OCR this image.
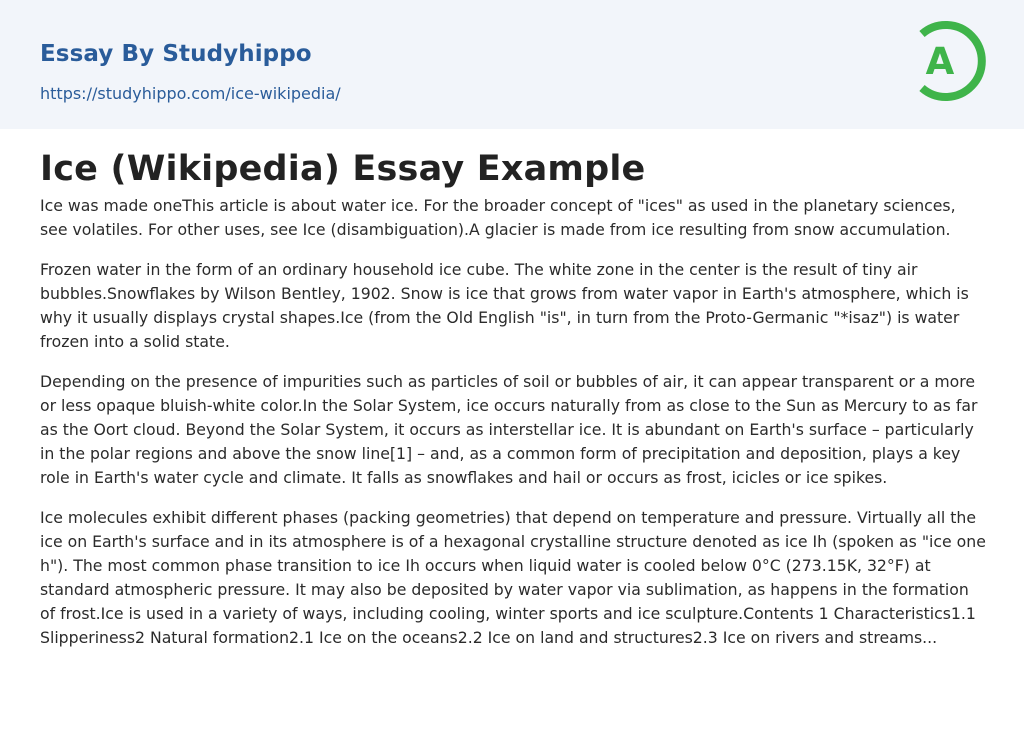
Essay By Studyhippo
https://studyhippo.com/ice-wikipedia/
A
Ice (Wikipedia) Essay Example

Ice was made oneThis article is about water ice. For the broader concept of "ices" as used in the planetary sciences, see volatiles. For other uses, see Ice (disambiguation).A glacier is made from ice resulting from snow accumulation.

Frozen water in the form of an ordinary household ice cube. The white zone in the center is the result of tiny air bubbles.Snowflakes by Wilson Bentley, 1902. Snow is ice that grows from water vapor in Earth's atmosphere, which is why it usually displays crystal shapes.Ice (from the Old English "is", in turn from the Proto-Germanic "*isaz") is water frozen into a solid state.

Depending on the presence of impurities such as particles of soil or bubbles of air, it can appear transparent or a more or less opaque bluish-white color.In the Solar System, ice occurs naturally from as close to the Sun as Mercury to as far as the Oort cloud. Beyond the Solar System, it occurs as interstellar ice. It is abundant on Earth's surface – particularly in the polar regions and above the snow line[1] – and, as a common form of precipitation and deposition, plays a key role in Earth's water cycle and climate. It falls as snowflakes and hail or occurs as frost, icicles or ice spikes.

Ice molecules exhibit different phases (packing geometries) that depend on temperature and pressure. Virtually all the ice on Earth's surface and in its atmosphere is of a hexagonal crystalline structure denoted as ice Ih (spoken as "ice one h"). The most common phase transition to ice Ih occurs when liquid water is cooled below 0°C (273.15K, 32°F) at standard atmospheric pressure. It may also be deposited by water vapor via sublimation, as happens in the formation of frost.Ice is used in a variety of ways, including cooling, winter sports and ice sculpture.Contents 1 Characteristics1.1 Slipperiness2 Natural formation2.1 Ice on the oceans2.2 Ice on land and structures2.3 Ice on rivers and streams...
